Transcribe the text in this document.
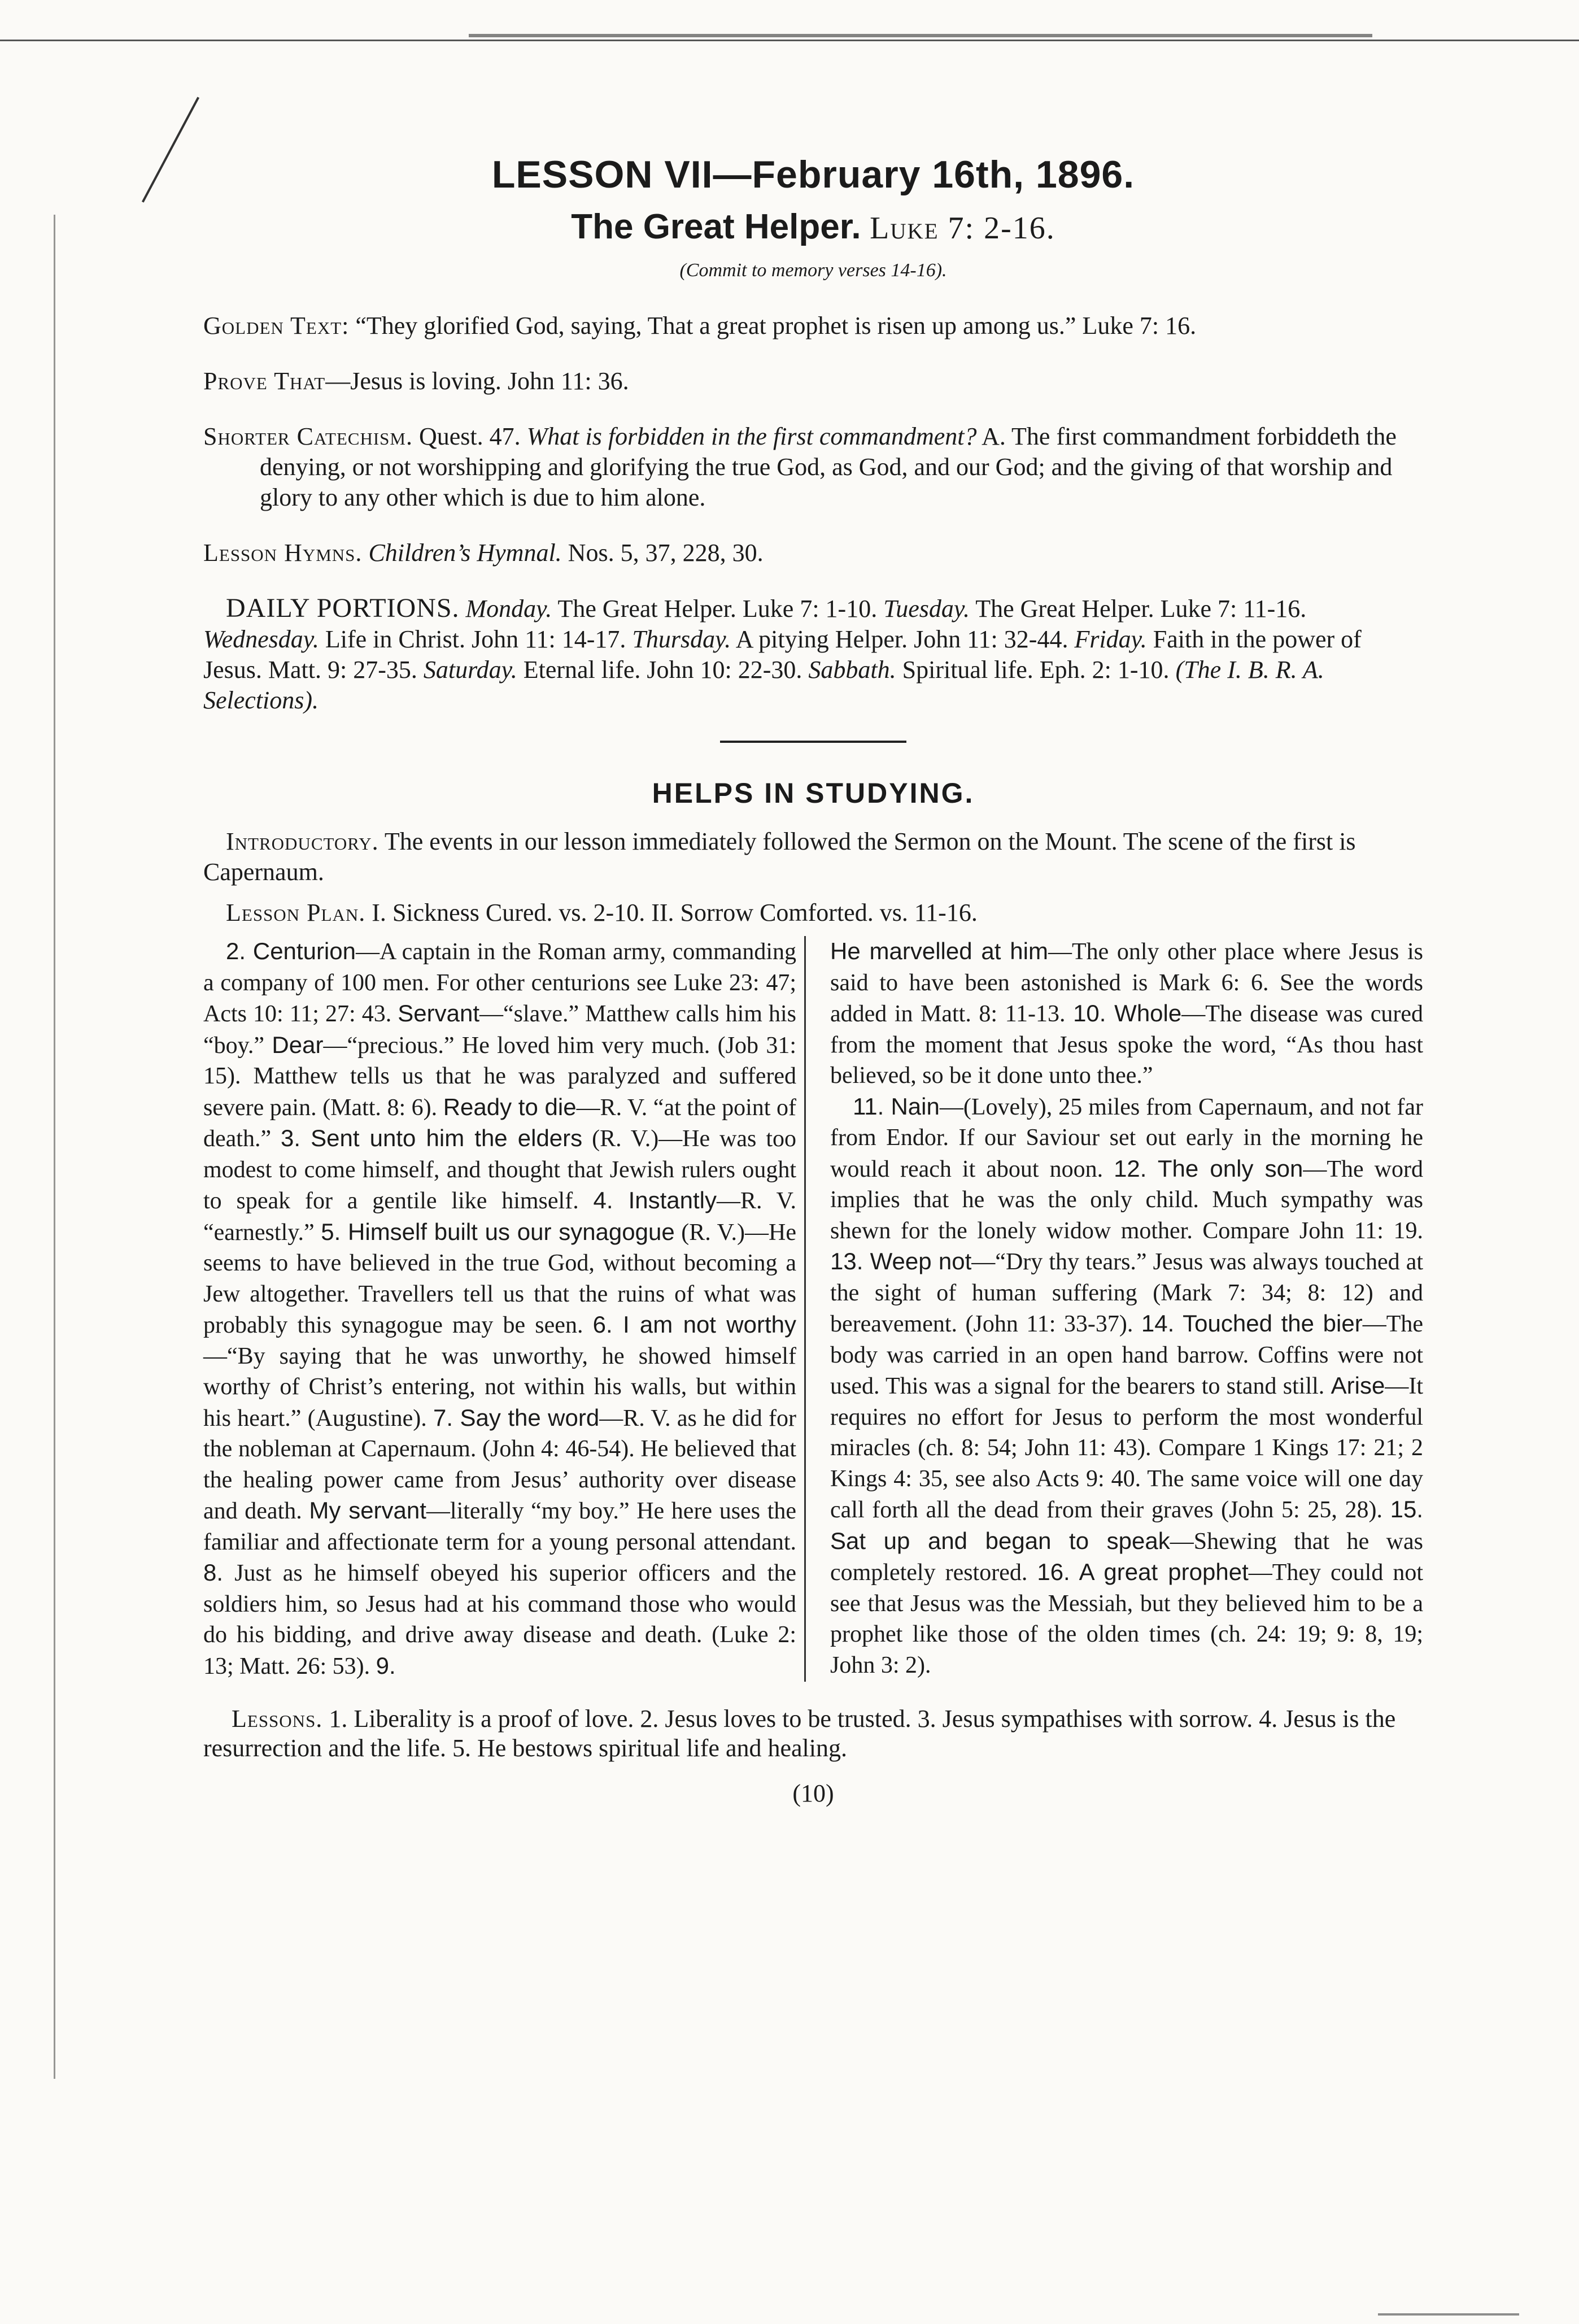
LESSON VII—February 16th, 1896.
The Great Helper. Luke 7: 2-16.
(Commit to memory verses 14-16).
Golden Text: “They glorified God, saying, That a great prophet is risen up among us.” Luke 7: 16.
Prove That—Jesus is loving. John 11: 36.
Shorter Catechism. Quest. 47. What is forbidden in the first commandment? A. The first commandment forbiddeth the denying, or not worshipping and glorifying the true God, as God, and our God; and the giving of that worship and glory to any other which is due to him alone.
Lesson Hymns. Children’s Hymnal. Nos. 5, 37, 228, 30.
DAILY PORTIONS. Monday. The Great Helper. Luke 7: 1-10. Tuesday. The Great Helper. Luke 7: 11-16. Wednesday. Life in Christ. John 11: 14-17. Thursday. A pitying Helper. John 11: 32-44. Friday. Faith in the power of Jesus. Matt. 9: 27-35. Saturday. Eternal life. John 10: 22-30. Sabbath. Spiritual life. Eph. 2: 1-10. (The I. B. R. A. Selections).
HELPS IN STUDYING.
Introductory. The events in our lesson immediately followed the Sermon on the Mount. The scene of the first is Capernaum.
Lesson Plan. I. Sickness Cured. vs. 2-10. II. Sorrow Comforted. vs. 11-16.

2. Centurion—A captain in the Roman army, commanding a company of 100 men. For other centurions see Luke 23: 47; Acts 10: 11; 27: 43. Servant—“slave.” Matthew calls him his “boy.” Dear—“precious.” He loved him very much. (Job 31: 15). Matthew tells us that he was paralyzed and suffered severe pain. (Matt. 8: 6). Ready to die—R. V. “at the point of death.” 3. Sent unto him the elders (R. V.)—He was too modest to come himself, and thought that Jewish rulers ought to speak for a gentile like himself. 4. Instantly—R. V. “earnestly.” 5. Himself built us our synagogue (R. V.)—He seems to have believed in the true God, without becoming a Jew altogether. Travellers tell us that the ruins of what was probably this synagogue may be seen. 6. I am not worthy—“By saying that he was unworthy, he showed himself worthy of Christ’s entering, not within his walls, but within his heart.” (Augustine). 7. Say the word—R. V. as he did for the nobleman at Capernaum. (John 4: 46-54). He believed that the healing power came from Jesus’ authority over disease and death. My servant—literally “my boy.” He here uses the familiar and affectionate term for a young personal attendant. 8. Just as he himself obeyed his superior officers and the soldiers him, so Jesus had at his command those who would do his bidding, and drive away disease and death. (Luke 2: 13; Matt. 26: 53). 9.

He marvelled at him—The only other place where Jesus is said to have been astonished is Mark 6: 6. See the words added in Matt. 8: 11-13. 10. Whole—The disease was cured from the moment that Jesus spoke the word, “As thou hast believed, so be it done unto thee.”

11. Nain—(Lovely), 25 miles from Capernaum, and not far from Endor. If our Saviour set out early in the morning he would reach it about noon. 12. The only son—The word implies that he was the only child. Much sympathy was shewn for the lonely widow mother. Compare John 11: 19. 13. Weep not—“Dry thy tears.” Jesus was always touched at the sight of human suffering (Mark 7: 34; 8: 12) and bereavement. (John 11: 33-37). 14. Touched the bier—The body was carried in an open hand barrow. Coffins were not used. This was a signal for the bearers to stand still. Arise—It requires no effort for Jesus to perform the most wonderful miracles (ch. 8: 54; John 11: 43). Compare 1 Kings 17: 21; 2 Kings 4: 35, see also Acts 9: 40. The same voice will one day call forth all the dead from their graves (John 5: 25, 28). 15. Sat up and began to speak—Shewing that he was completely restored. 16. A great prophet—They could not see that Jesus was the Messiah, but they believed him to be a prophet like those of the olden times (ch. 24: 19; 9: 8, 19; John 3: 2).

Lessons. 1. Liberality is a proof of love. 2. Jesus loves to be trusted. 3. Jesus sympathises with sorrow. 4. Jesus is the resurrection and the life. 5. He bestows spiritual life and healing.
(10)
